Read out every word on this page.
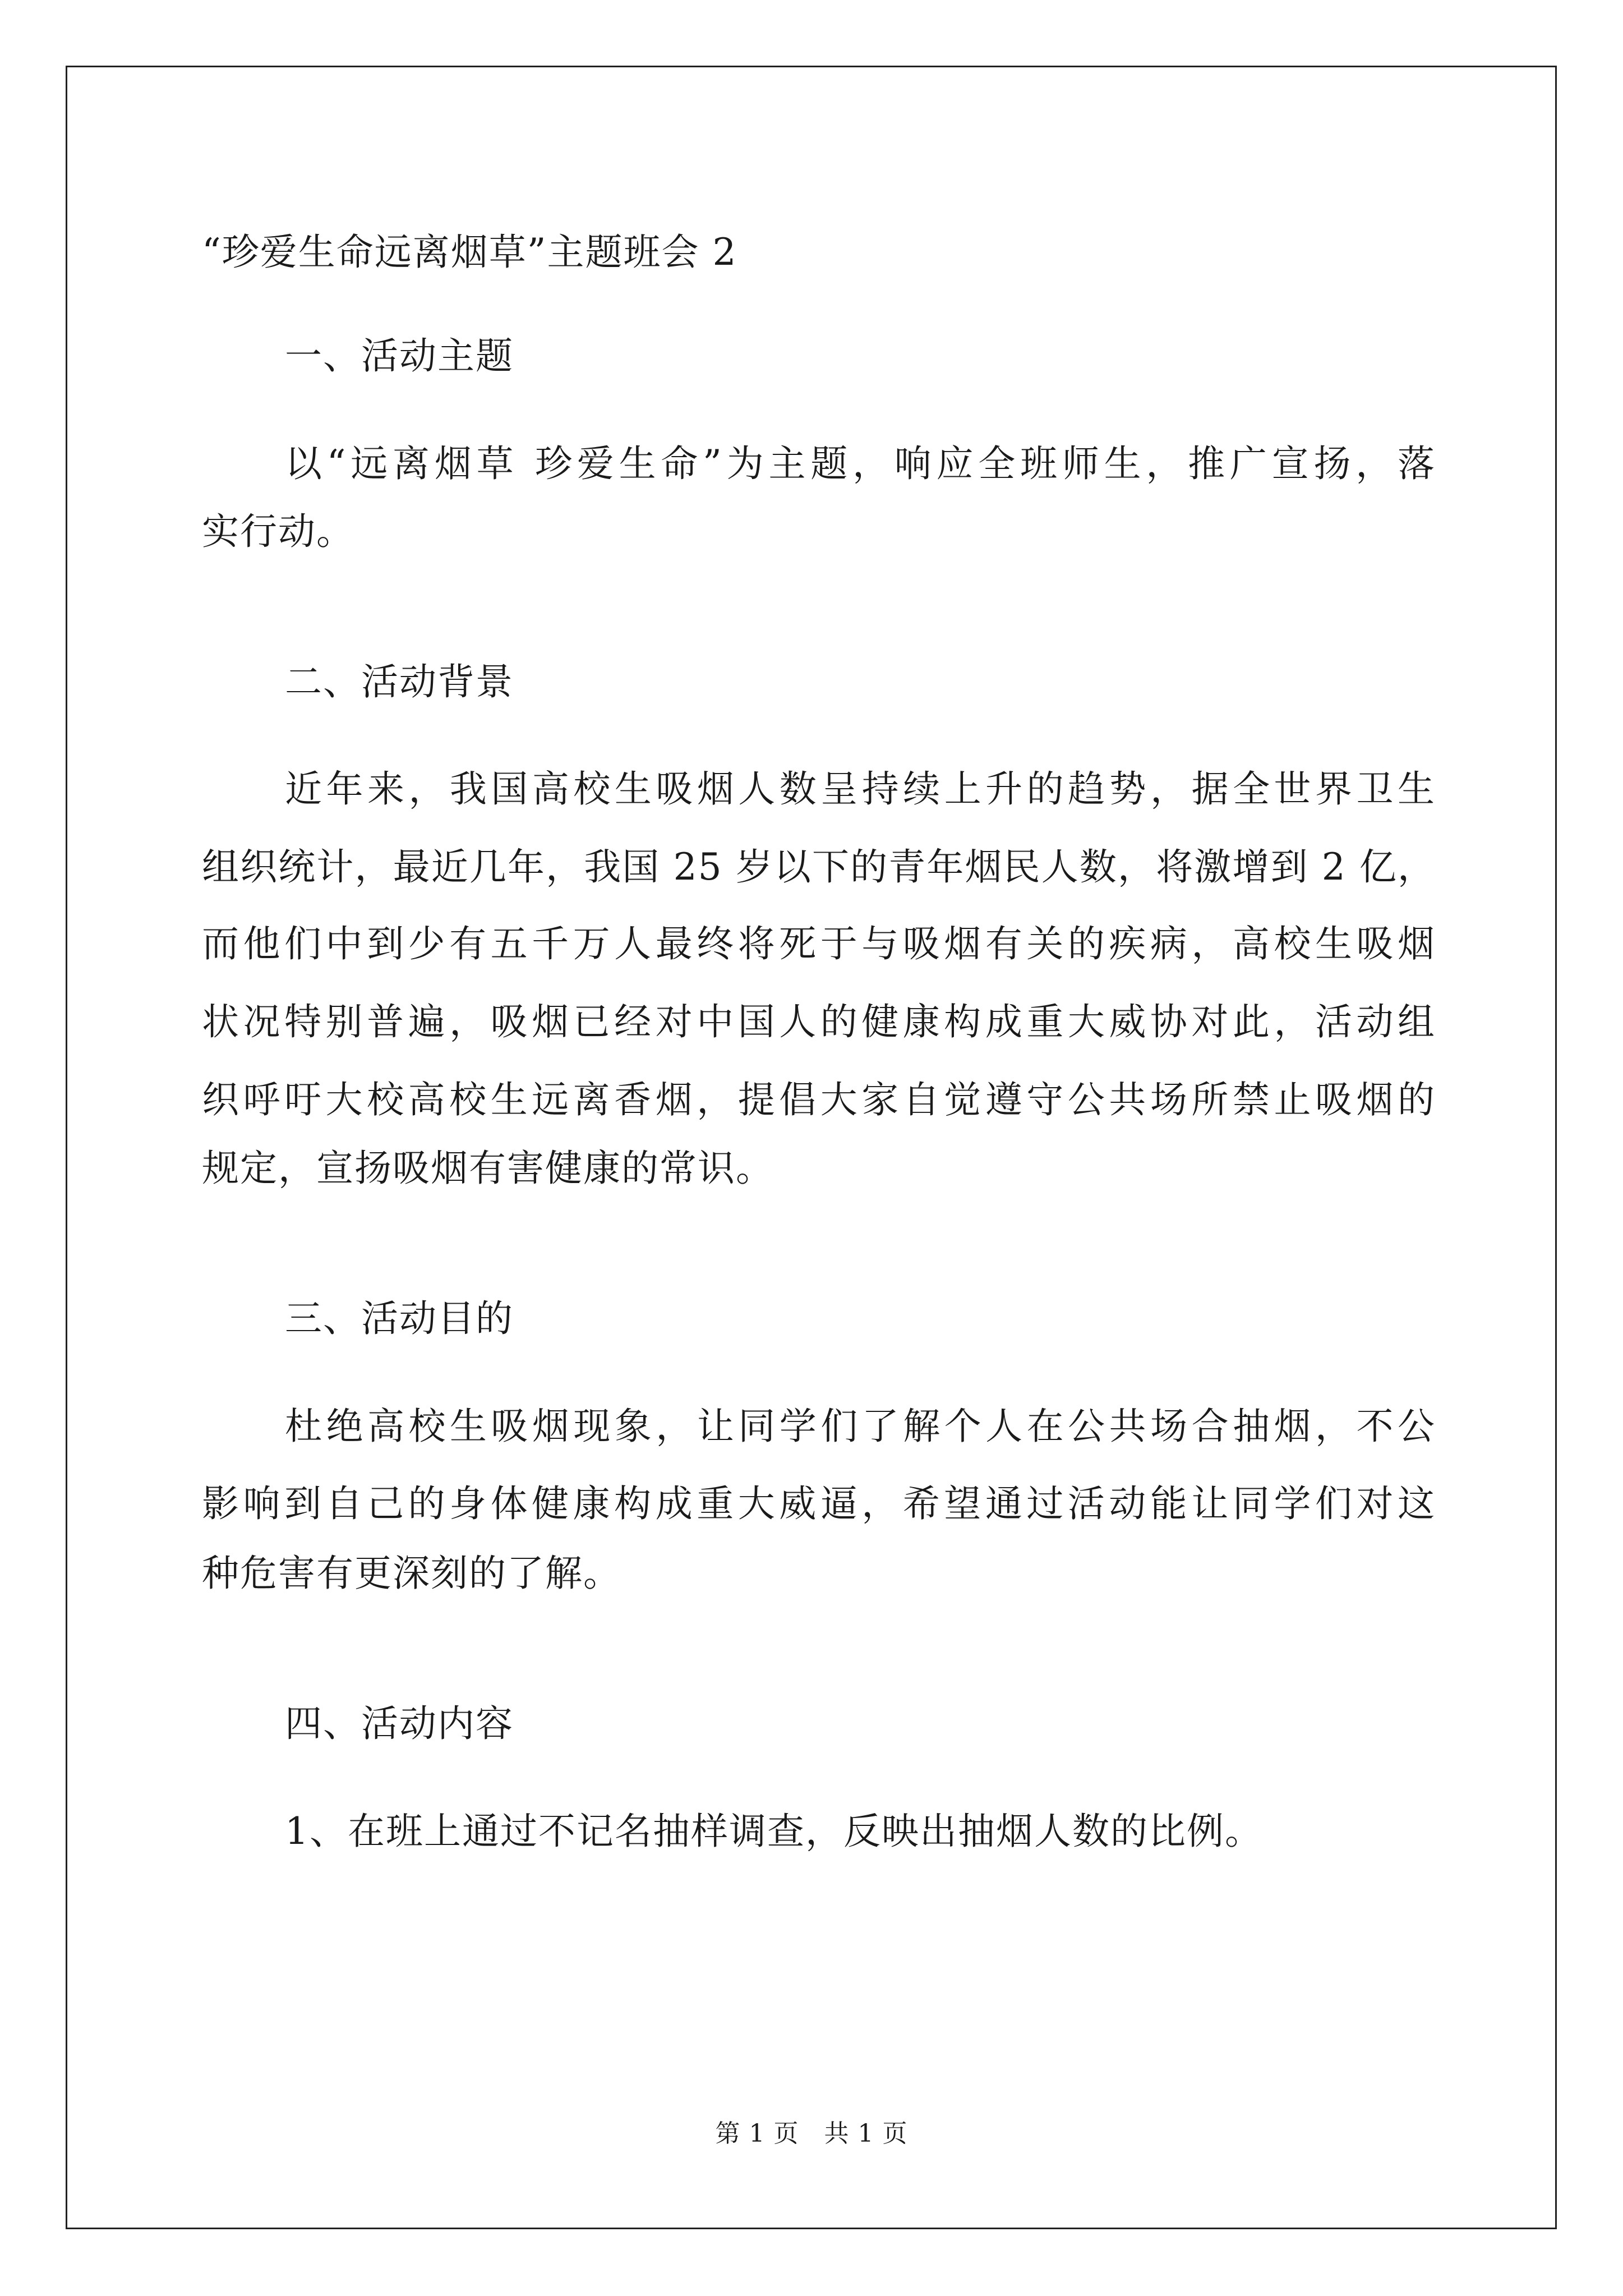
“珍爱生命远离烟草”主题班会 2
一、活动主题
以“远离烟草 珍爱生命”为主题，响应全班师生，推广宣扬，落
实行动。
二、活动背景
近年来，我国高校生吸烟人数呈持续上升的趋势，据全世界卫生
组织统计，最近几年，我国 25 岁以下的青年烟民人数，将激增到 2 亿，
而他们中到少有五千万人最终将死于与吸烟有关的疾病，高校生吸烟
状况特别普遍，吸烟已经对中国人的健康构成重大威协对此，活动组
织呼吁大校高校生远离香烟，提倡大家自觉遵守公共场所禁止吸烟的
规定，宣扬吸烟有害健康的常识。
三、活动目的
杜绝高校生吸烟现象，让同学们了解个人在公共场合抽烟，不公
影响到自己的身体健康构成重大威逼，希望通过活动能让同学们对这
种危害有更深刻的了解。
四、活动内容
1、在班上通过不记名抽样调查，反映出抽烟人数的比例。
第 1 页　共 1 页
